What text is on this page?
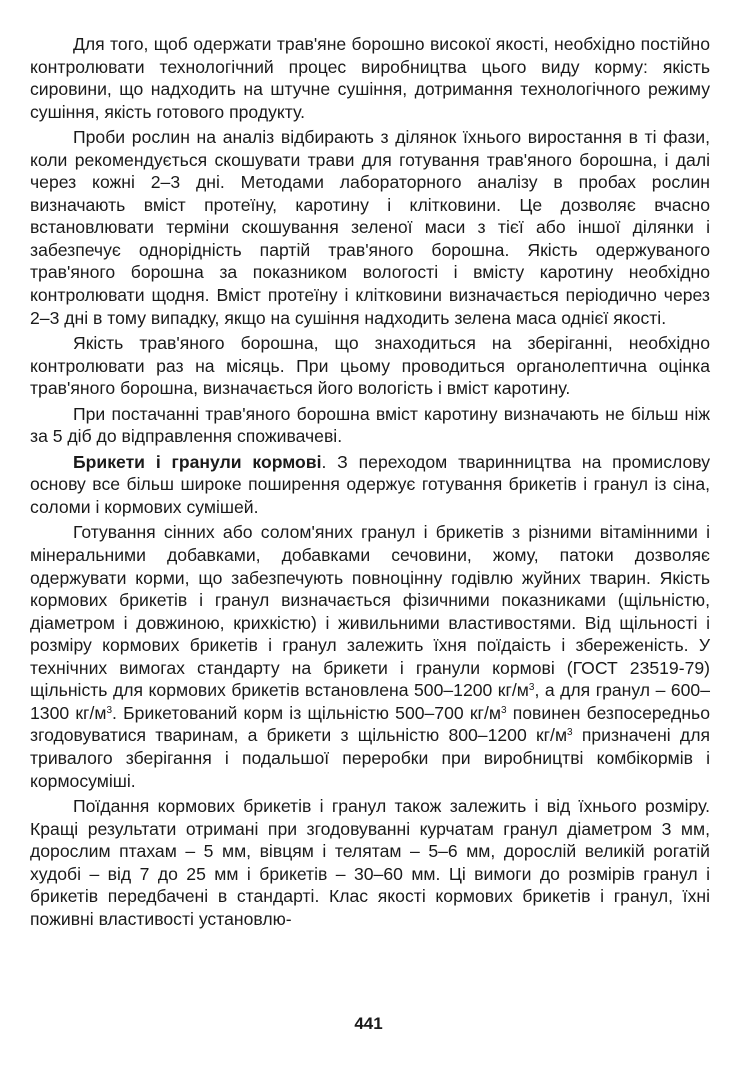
Для того, щоб одержати трав'яне борошно високої якості, необхідно постійно контролювати технологічний процес виробництва цього виду корму: якість сировини, що надходить на штучне сушіння, дотримання технологічного режиму сушіння, якість готового продукту.

Проби рослин на аналіз відбирають з ділянок їхнього виростання в ті фази, коли рекомендується скошувати трави для готування трав'яного борошна, і далі через кожні 2–3 дні. Методами лабораторного аналізу в пробах рослин визначають вміст протеїну, каротину і клітковини. Це дозволяє вчасно встановлювати терміни скошування зеленої маси з тієї або іншої ділянки і забезпечує однорідність партій трав'яного борошна. Якість одержуваного трав'яного борошна за показником вологості і вмісту каротину необхідно контролювати щодня. Вміст протеїну і клітковини визначається періодично через 2–3 дні в тому випадку, якщо на сушіння надходить зелена маса однієї якості.

Якість трав'яного борошна, що знаходиться на зберіганні, необхідно контролювати раз на місяць. При цьому проводиться органолептична оцінка трав'яного борошна, визначається його вологість і вміст каротину.

При постачанні трав'яного борошна вміст каротину визначають не більш ніж за 5 діб до відправлення споживачеві.

Брикети і гранули кормові. З переходом тваринництва на промислову основу все більш широке поширення одержує готування брикетів і гранул із сіна, соломи і кормових сумішей.

Готування сінних або солом'яних гранул і брикетів з різними вітамінними і мінеральними добавками, добавками сечовини, жому, патоки дозволяє одержувати корми, що забезпечують повноцінну годівлю жуйних тварин. Якість кормових брикетів і гранул визначається фізичними показниками (щільністю, діаметром і довжиною, крихкістю) і живильними властивостями. Від щільності і розміру кормових брикетів і гранул залежить їхня поїдаість і збереженість. У технічних вимогах стандарту на брикети і гранули кормові (ГОСТ 23519-79) щільність для кормових брикетів встановлена 500–1200 $кг/м^3$, а для гранул – 600–1300 $кг/м^3$. Брикетований корм із щільністю 500–700 $кг/м^3$ повинен безпосередньо згодовуватися тваринам, а брикети з щільністю 800–1200 $кг/м^3$ призначені для тривалого зберігання і подальшої переробки при виробництві комбікормів і кормосумішi.

Поїдання кормових брикетів і гранул також залежить і від їхнього розміру. Кращі результати отримані при згодовуванні курчатам гранул діаметром 3 мм, дорослим птахам – 5 мм, вівцям і телятам – 5–6 мм, дорослій великій рогатій худобі – від 7 до 25 мм і брикетів – 30–60 мм. Ці вимоги до розмірів гранул і брикетів передбачені в стандарті. Клас якості кормових брикетів і гранул, їхні поживні властивості установлю-

441
